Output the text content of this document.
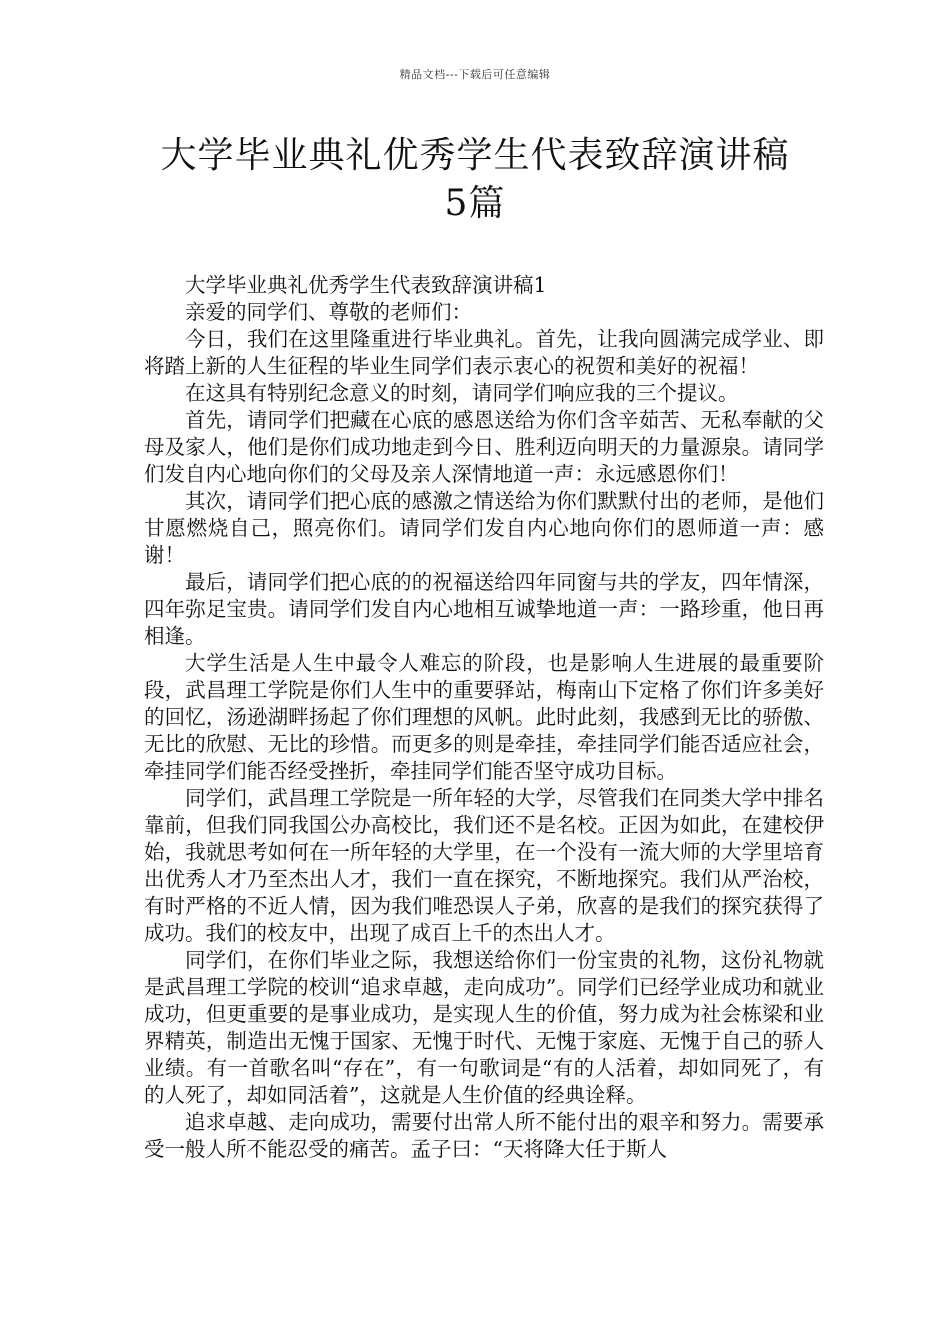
精品文档---下载后可任意编辑
大学毕业典礼优秀学生代表致辞演讲稿5篇

大学毕业典礼优秀学生代表致辞演讲稿1

亲爱的同学们、尊敬的老师们：

今日，我们在这里隆重进行毕业典礼。首先，让我向圆满完成学业、即将踏上新的人生征程的毕业生同学们表示衷心的祝贺和美好的祝福！

在这具有特别纪念意义的时刻，请同学们响应我的三个提议。

首先，请同学们把藏在心底的感恩送给为你们含辛茹苦、无私奉献的父母及家人，他们是你们成功地走到今日、胜利迈向明天的力量源泉。请同学们发自内心地向你们的父母及亲人深情地道一声：永远感恩你们！

其次，请同学们把心底的感激之情送给为你们默默付出的老师，是他们甘愿燃烧自己，照亮你们。请同学们发自内心地向你们的恩师道一声：感谢！

最后，请同学们把心底的的祝福送给四年同窗与共的学友，四年情深，四年弥足宝贵。请同学们发自内心地相互诚挚地道一声：一路珍重，他日再相逢。

大学生活是人生中最令人难忘的阶段，也是影响人生进展的最重要阶段，武昌理工学院是你们人生中的重要驿站，梅南山下定格了你们许多美好的回忆，汤逊湖畔扬起了你们理想的风帆。此时此刻，我感到无比的骄傲、无比的欣慰、无比的珍惜。而更多的则是牵挂，牵挂同学们能否适应社会，牵挂同学们能否经受挫折，牵挂同学们能否坚守成功目标。

同学们，武昌理工学院是一所年轻的大学，尽管我们在同类大学中排名靠前，但我们同我国公办高校比，我们还不是名校。正因为如此，在建校伊始，我就思考如何在一所年轻的大学里，在一个没有一流大师的大学里培育出优秀人才乃至杰出人才，我们一直在探究，不断地探究。我们从严治校，有时严格的不近人情，因为我们唯恐误人子弟，欣喜的是我们的探究获得了成功。我们的校友中，出现了成百上千的杰出人才。

同学们，在你们毕业之际，我想送给你们一份宝贵的礼物，这份礼物就是武昌理工学院的校训“追求卓越，走向成功”。同学们已经学业成功和就业成功，但更重要的是事业成功，是实现人生的价值，努力成为社会栋梁和业界精英，制造出无愧于国家、无愧于时代、无愧于家庭、无愧于自己的骄人业绩。有一首歌名叫“存在”，有一句歌词是“有的人活着，却如同死了，有的人死了，却如同活着”，这就是人生价值的经典诠释。

追求卓越、走向成功，需要付出常人所不能付出的艰辛和努力。需要承受一般人所不能忍受的痛苦。孟子曰：“天将降大任于斯人
